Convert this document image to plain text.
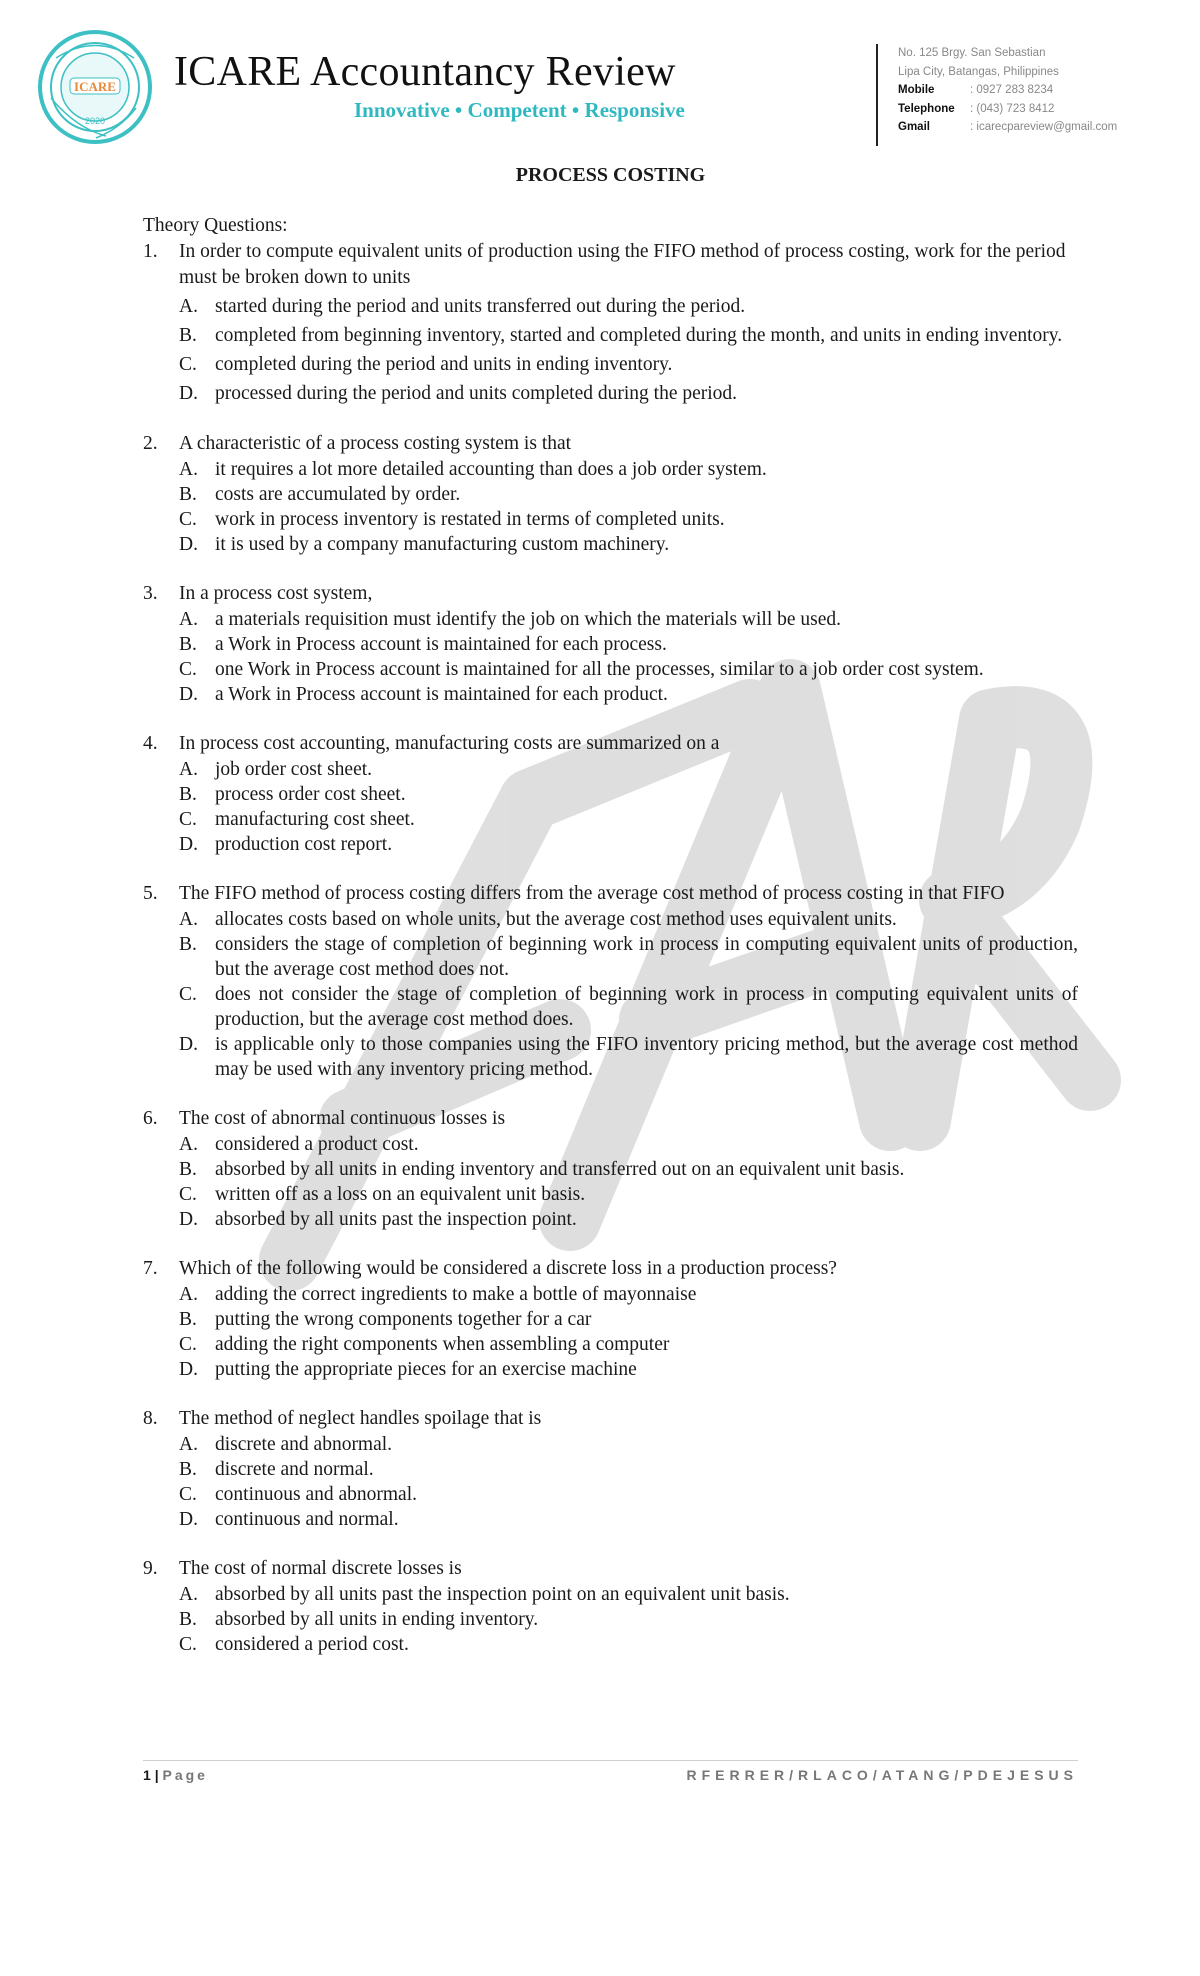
ICARE
2020
ICARE Accountancy Review
Innovative • Competent • Responsive
No. 125 Brgy. San Sebastian
Lipa City, Batangas, Philippines
Mobile	: 0927 283 8234
Telephone : (043) 723 8412
Gmail	: icarecpareview@gmail.com
PROCESS COSTING
Theory Questions:
1.	In order to compute equivalent units of production using the FIFO method of process costing, work for the period must be broken down to units
A. started during the period and units transferred out during the period.
B. completed from beginning inventory, started and completed during the month, and units in ending inventory.
C. completed during the period and units in ending inventory.
D. processed during the period and units completed during the period.
2.	A characteristic of a process costing system is that
A. it requires a lot more detailed accounting than does a job order system.
B. costs are accumulated by order.
C. work in process inventory is restated in terms of completed units.
D. it is used by a company manufacturing custom machinery.
3.	In a process cost system,
A. a materials requisition must identify the job on which the materials will be used.
B. a Work in Process account is maintained for each process.
C. one Work in Process account is maintained for all the processes, similar to a job order cost system.
D. a Work in Process account is maintained for each product.
4.	In process cost accounting, manufacturing costs are summarized on a
A. job order cost sheet.
B. process order cost sheet.
C. manufacturing cost sheet.
D. production cost report.
5.	The FIFO method of process costing differs from the average cost method of process costing in that FIFO
A. allocates costs based on whole units, but the average cost method uses equivalent units.
B. considers the stage of completion of beginning work in process in computing equivalent units of production, but the average cost method does not.
C. does not consider the stage of completion of beginning work in process in computing equivalent units of production, but the average cost method does.
D. is applicable only to those companies using the FIFO inventory pricing method, but the average cost method may be used with any inventory pricing method.
6.	The cost of abnormal continuous losses is
A. considered a product cost.
B. absorbed by all units in ending inventory and transferred out on an equivalent unit basis.
C. written off as a loss on an equivalent unit basis.
D. absorbed by all units past the inspection point.
7.	Which of the following would be considered a discrete loss in a production process?
A. adding the correct ingredients to make a bottle of mayonnaise
B. putting the wrong components together for a car
C. adding the right components when assembling a computer
D. putting the appropriate pieces for an exercise machine
8.	The method of neglect handles spoilage that is
A. discrete and abnormal.
B. discrete and normal.
C. continuous and abnormal.
D. continuous and normal.
9.	The cost of normal discrete losses is
A. absorbed by all units past the inspection point on an equivalent unit basis.
B. absorbed by all units in ending inventory.
C. considered a period cost.
1 | Page	RFERRER/RLACO/ATANG/PDEJESUS
